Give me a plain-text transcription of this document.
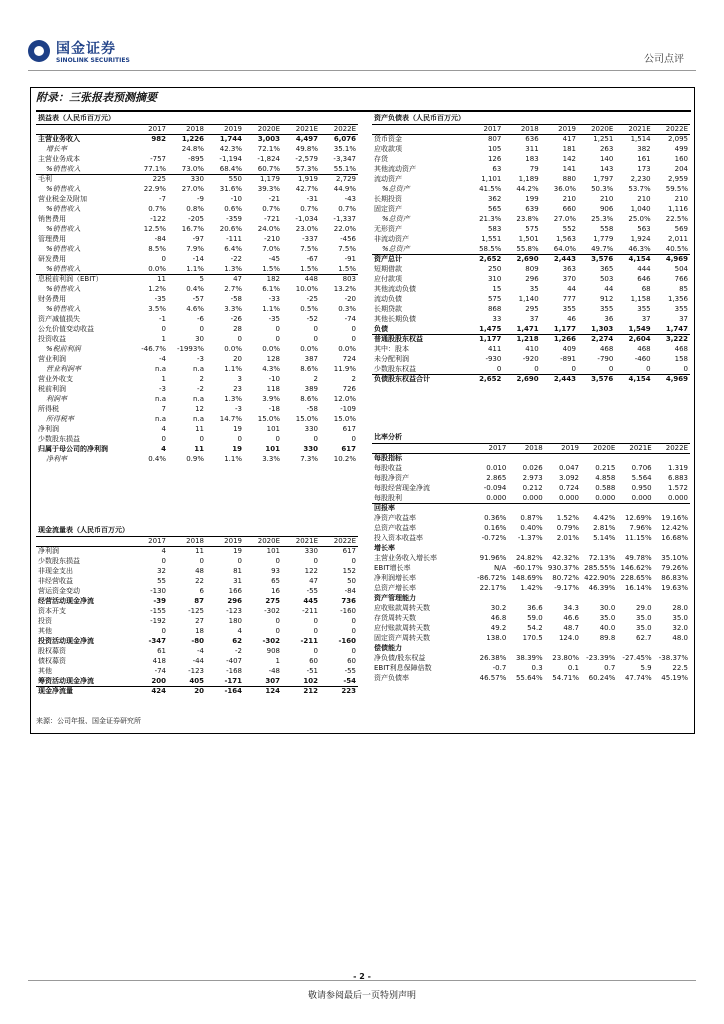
国金证券
SINOLINK SECURITIES	公司点评
附录：三张报表预测摘要
损益表（人民币百万元）						
	2017	2018	2019	2020E	2021E	2022E
主营业务收入	982	1,226	1,744	3,003	4,497	6,076
增长率		24.8%	42.3%	72.1%	49.8%	35.1%
主营业务成本	-757	-895	-1,194	-1,824	-2,579	-3,347
%销售收入	77.1%	73.0%	68.4%	60.7%	57.3%	55.1%
毛利	225	330	550	1,179	1,919	2,729
%销售收入	22.9%	27.0%	31.6%	39.3%	42.7%	44.9%
营业税金及附加	-7	-9	-10	-21	-31	-43
%销售收入	0.7%	0.8%	0.6%	0.7%	0.7%	0.7%
销售费用	-122	-205	-359	-721	-1,034	-1,337
%销售收入	12.5%	16.7%	20.6%	24.0%	23.0%	22.0%
管理费用	-84	-97	-111	-210	-337	-456
%销售收入	8.5%	7.9%	6.4%	7.0%	7.5%	7.5%
研发费用	0	-14	-22	-45	-67	-91
%销售收入	0.0%	1.1%	1.3%	1.5%	1.5%	1.5%
息税前利润（EBIT）	11	5	47	182	448	803
%销售收入	1.2%	0.4%	2.7%	6.1%	10.0%	13.2%
财务费用	-35	-57	-58	-33	-25	-20
%销售收入	3.5%	4.6%	3.3%	1.1%	0.5%	0.3%
资产减值损失	-1	-6	-26	-35	-52	-74
公允价值变动收益	0	0	28	0	0	0
投资收益	1	30	0	0	0	0
%税前利润	-46.7%	-1993%	0.0%	0.0%	0.0%	0.0%
营业利润	-4	-3	20	128	387	724
营业利润率	n.a	n.a	1.1%	4.3%	8.6%	11.9%
营业外收支	1	2	3	-10	2	2
税前利润	-3	-2	23	118	389	726
利润率	n.a	n.a	1.3%	3.9%	8.6%	12.0%
所得税	7	12	-3	-18	-58	-109
所得税率	n.a	n.a	14.7%	15.0%	15.0%	15.0%
净利润	4	11	19	101	330	617
少数股东损益	0	0	0	0	0	0
归属于母公司的净利润	4	11	19	101	330	617
净利率	0.4%	0.9%	1.1%	3.3%	7.3%	10.2%
资产负债表（人民币百万元）						
	2017	2018	2019	2020E	2021E	2022E
货币资金	807	636	417	1,251	1,514	2,095
应收款项	105	311	181	263	382	499
存货	126	183	142	140	161	160
其他流动资产	63	79	141	143	173	204
流动资产	1,101	1,189	880	1,797	2,230	2,959
%总资产	41.5%	44.2%	36.0%	50.3%	53.7%	59.5%
长期投资	362	199	210	210	210	210
固定资产	565	639	660	906	1,040	1,116
%总资产	21.3%	23.8%	27.0%	25.3%	25.0%	22.5%
无形资产	583	575	552	558	563	569
非流动资产	1,551	1,501	1,563	1,779	1,924	2,011
%总资产	58.5%	55.8%	64.0%	49.7%	46.3%	40.5%
资产总计	2,652	2,690	2,443	3,576	4,154	4,969
短期借款	250	809	363	365	444	504
应付款项	310	296	370	503	646	766
其他流动负债	15	35	44	44	68	85
流动负债	575	1,140	777	912	1,158	1,356
长期贷款	868	295	355	355	355	355
其他长期负债	33	37	46	36	37	37
负债	1,475	1,471	1,177	1,303	1,549	1,747
普通股股东权益	1,177	1,218	1,266	2,274	2,604	3,222
其中：股本	411	410	409	468	468	468
未分配利润	-930	-920	-891	-790	-460	158
少数股东权益	0	0	0	0	0	0
负债股东权益合计	2,652	2,690	2,443	3,576	4,154	4,969
比率分析						
	2017	2018	2019	2020E	2021E	2022E
每股指标						
每股收益	0.010	0.026	0.047	0.215	0.706	1.319
每股净资产	2.865	2.973	3.092	4.858	5.564	6.883
每股经营现金净流	-0.094	0.212	0.724	0.588	0.950	1.572
每股股利	0.000	0.000	0.000	0.000	0.000	0.000
回报率						
净资产收益率	0.36%	0.87%	1.52%	4.42%	12.69%	19.16%
总资产收益率	0.16%	0.40%	0.79%	2.81%	7.96%	12.42%
投入资本收益率	-0.72%	-1.37%	2.01%	5.14%	11.15%	16.68%
增长率						
主营业务收入增长率	91.96%	24.82%	42.32%	72.13%	49.78%	35.10%
EBIT增长率	N/A	-60.17%	930.37%	285.55%	146.62%	79.26%
净利润增长率	-86.72%	148.69%	80.72%	422.90%	228.65%	86.83%
总资产增长率	22.17%	1.42%	-9.17%	46.39%	16.14%	19.63%
资产管理能力						
应收账款周转天数	30.2	36.6	34.3	30.0	29.0	28.0
存货周转天数	46.8	59.0	46.6	35.0	35.0	35.0
应付账款周转天数	49.2	54.2	48.7	40.0	35.0	32.0
固定资产周转天数	138.0	170.5	124.0	89.8	62.7	48.0
偿债能力						
净负债/股东权益	26.38%	38.39%	23.80%	-23.39%	-27.45%	-38.37%
EBIT利息保障倍数	-0.7	0.3	0.1	0.7	5.9	22.5
资产负债率	46.57%	55.64%	54.71%	60.24%	47.74%	45.19%
现金流量表（人民币百万元）						
	2017	2018	2019	2020E	2021E	2022E
净利润	4	11	19	101	330	617
少数股东损益	0	0	0	0	0	0
非现金支出	32	48	81	93	122	152
非经营收益	55	22	31	65	47	50
营运资金变动	-130	6	166	16	-55	-84
经营活动现金净流	-39	87	296	275	445	736
资本开支	-155	-125	-123	-302	-211	-160
投资	-192	27	180	0	0	0
其他	0	18	4	0	0	0
投资活动现金净流	-347	-80	62	-302	-211	-160
股权募资	61	-4	-2	908	0	0
债权募资	418	-44	-407	1	60	60
其他	-74	-123	-168	-48	-51	-55
筹资活动现金净流	200	405	-171	307	102	-54
现金净流量	424	20	-164	124	212	223
来源：公司年报、国金证券研究所
- 2 -
敬请参阅最后一页特别声明
